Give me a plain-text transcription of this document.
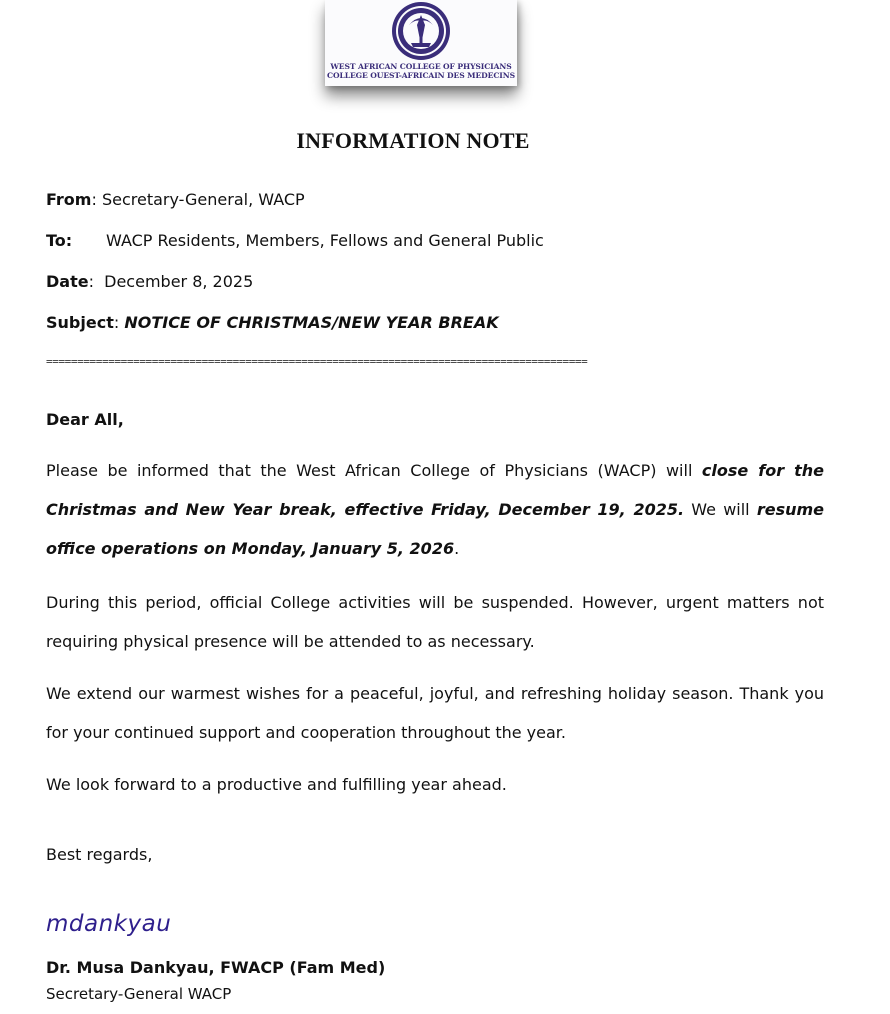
WEST AFRICAN COLLEGE OF PHYSICIANS
COLLEGE OUEST-AFRICAIN DES MEDECINS
INFORMATION NOTE
From: Secretary-General, WACP
To: WACP Residents, Members, Fellows and General Public
Date:  December 8, 2025
Subject: NOTICE OF CHRISTMAS/NEW YEAR BREAK
=======================================================================================
Dear All,
Please be informed that the West African College of Physicians (WACP) will close for the Christmas and New Year break, effective Friday, December 19, 2025. We will resume office operations on Monday, January 5, 2026.
During this period, official College activities will be suspended. However, urgent matters not requiring physical presence will be attended to as necessary.
We extend our warmest wishes for a peaceful, joyful, and refreshing holiday season. Thank you for your continued support and cooperation throughout the year.
We look forward to a productive and fulfilling year ahead.
Best regards,
mdankyau
Dr. Musa Dankyau, FWACP (Fam Med)
Secretary-General WACP
